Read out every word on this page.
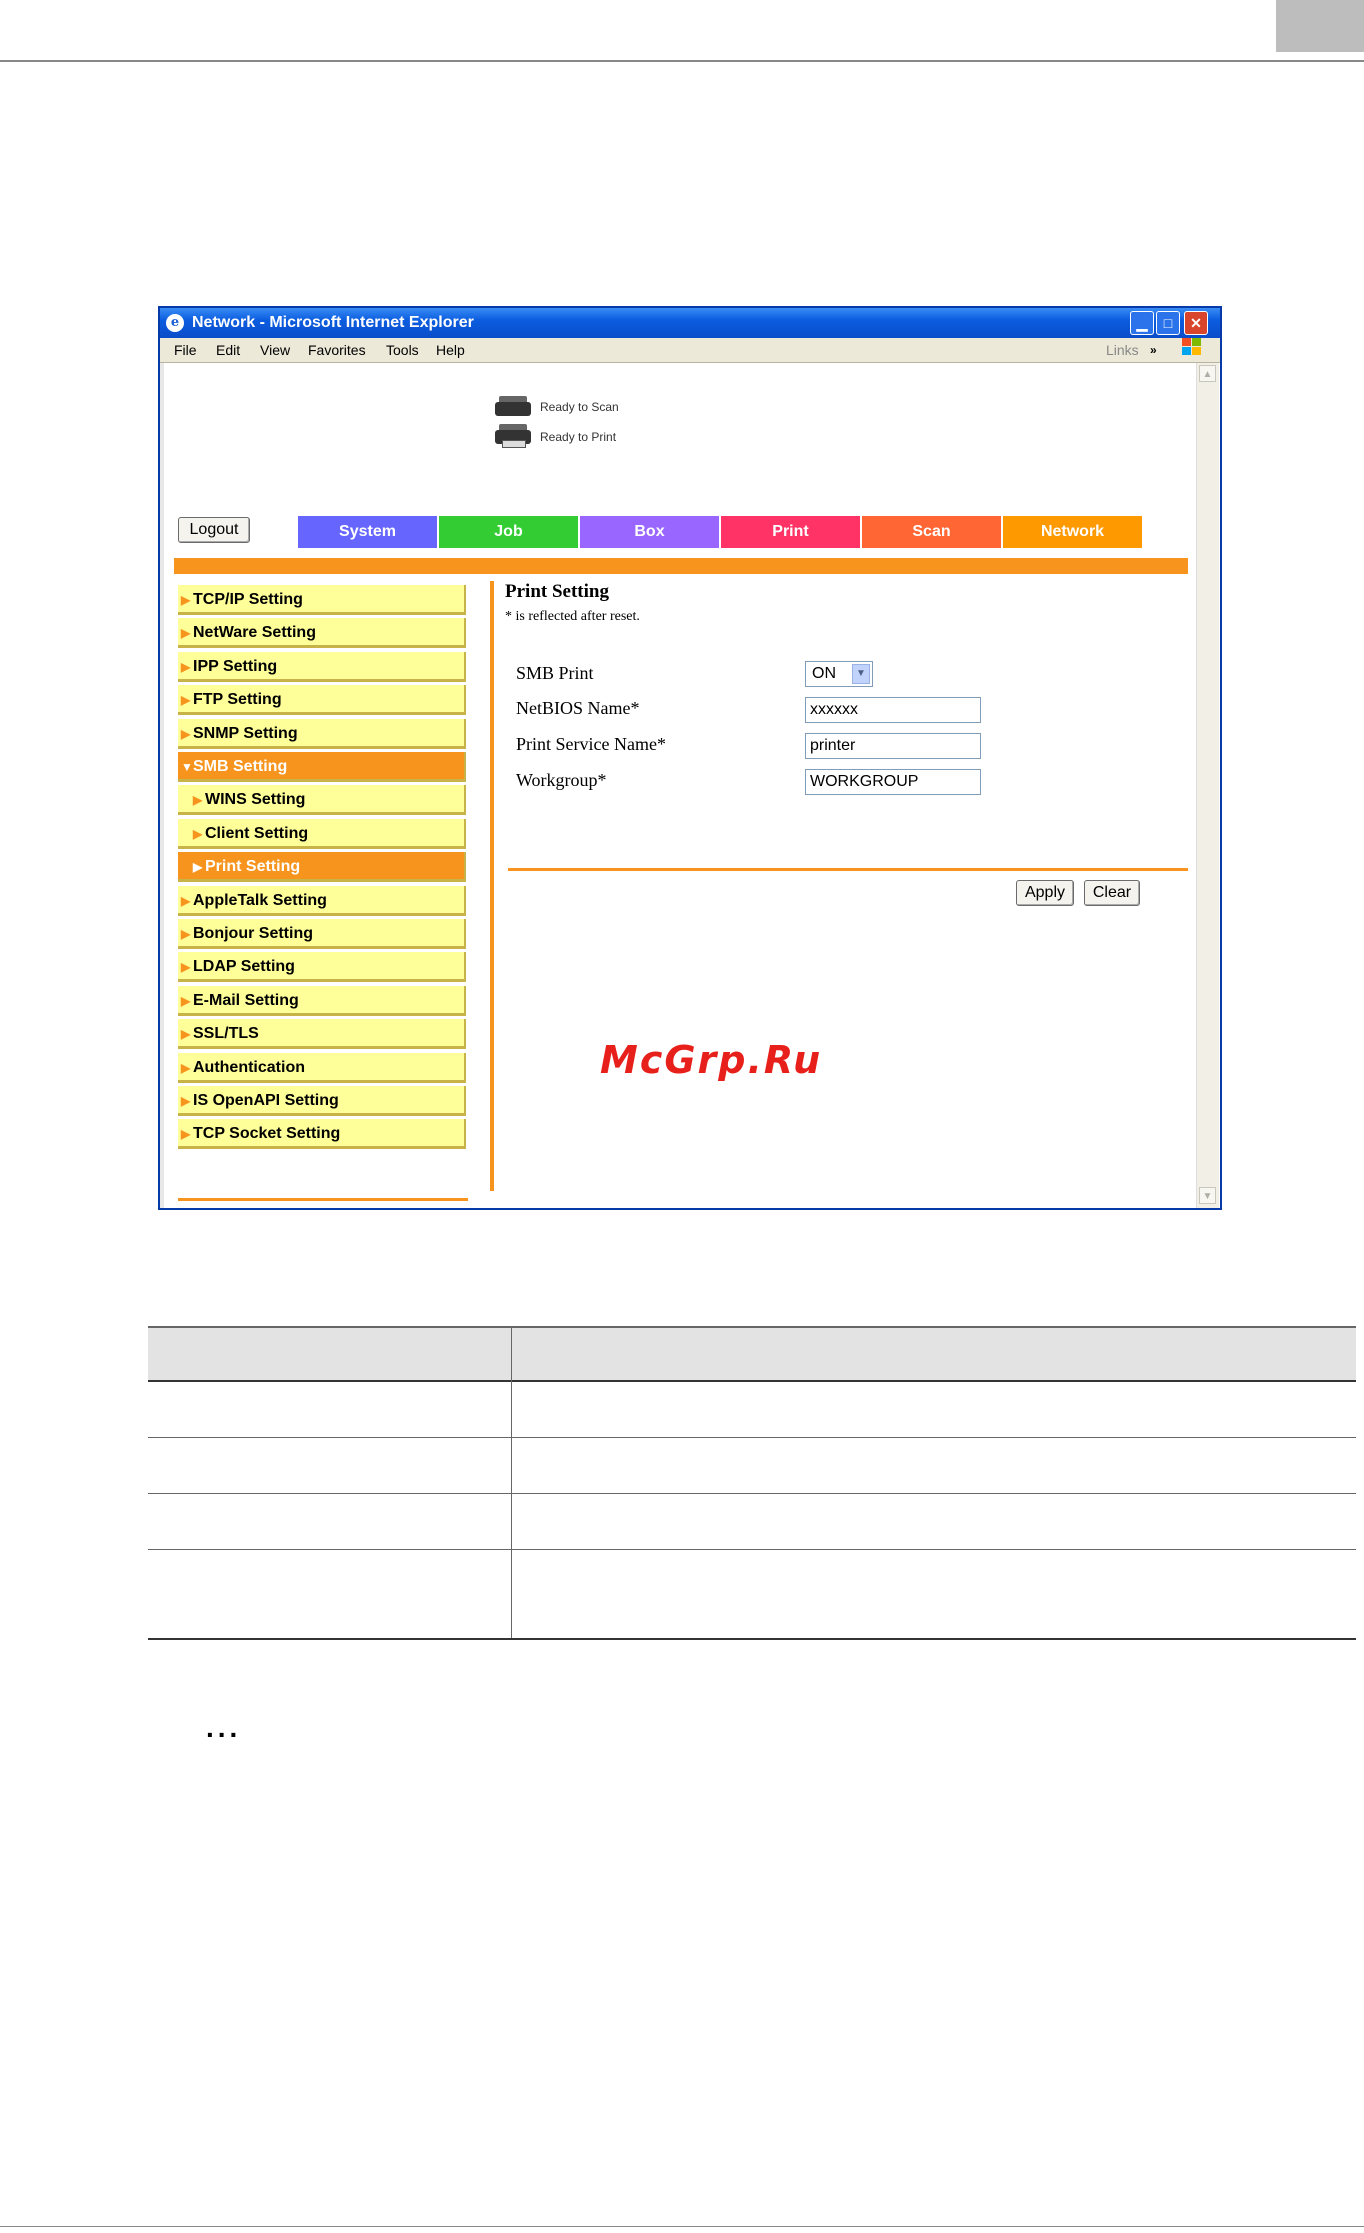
e Network - Microsoft Internet Explorer	▁	□	✕
File Edit View Favorites Tools Help	Links »
Ready to Scan
Ready to Print
Logout	System	Job	Box	Print	Scan	Network
▶ TCP/IP Setting
▶ NetWare Setting
▶ IPP Setting
▶ FTP Setting
▶ SNMP Setting
▼SMB Setting
▶ WINS Setting
▶ Client Setting
▶ Print Setting
▶ AppleTalk Setting
▶ Bonjour Setting
▶ LDAP Setting
▶ E-Mail Setting
▶ SSL/TLS
▶ Authentication
▶ IS OpenAPI Setting
▶ TCP Socket Setting
Print Setting
* is reflected after reset.
SMB Print	ON	▼
NetBIOS Name*	xxxxxx
Print Service Name*	printer
Workgroup*	WORKGROUP
Apply	Clear
McGrp.Ru
▲
▼
...
